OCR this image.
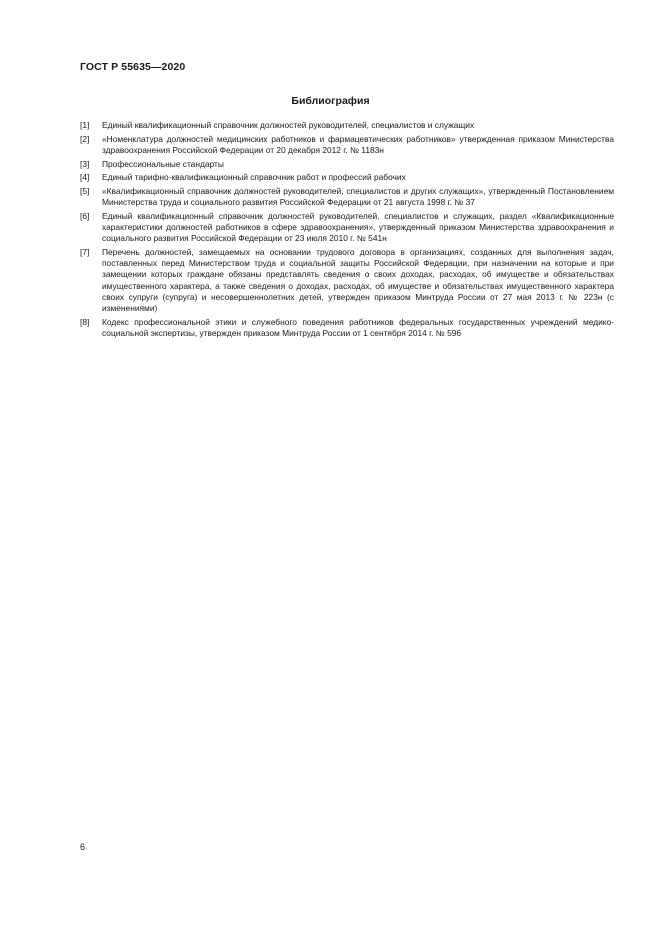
ГОСТ Р 55635—2020
Библиография
[1]	Единый квалификационный справочник должностей руководителей, специалистов и служащих
[2]	«Номенклатура должностей медицинских работников и фармацевтических работников» утвержденная приказом Министерства здравоохранения Российской Федерации от 20 декабря 2012 г. № 1183н
[3]	Профессиональные стандарты
[4]	Единый тарифно-квалификационный справочник работ и профессий рабочих
[5]	«Квалификационный справочник должностей руководителей, специалистов и других служащих», утвержденный Постановлением Министерства труда и социального развития Российской Федерации от 21 августа 1998 г. № 37
[6]	Единый квалификационный справочник должностей руководителей, специалистов и служащих, раздел «Квалификационные характеристики должностей работников в сфере здравоохранения», утвержденный приказом Министерства здравоохранения и социального развития Российской Федерации от 23 июля 2010 г. № 541н
[7]	Перечень должностей, замещаемых на основании трудового договора в организациях, созданных для выполнения задач, поставленных перед Министерством труда и социальной защиты Российской Федерации, при назначении на которые и при замещении которых граждане обязаны представлять сведения о своих доходах, расходах, об имуществе и обязательствах имущественного характера, а также сведения о доходах, расходах, об имуществе и обязательствах имущественного характера своих супруги (супруга) и несовершеннолетних детей, утвержден приказом Минтруда России от 27 мая 2013 г. № 223н (с изменениями)
[8]	Кодекс профессиональной этики и служебного поведения работников федеральных государственных учреждений медико-социальной экспертизы, утвержден приказом Минтруда России от 1 сентября 2014 г. № 596
6
